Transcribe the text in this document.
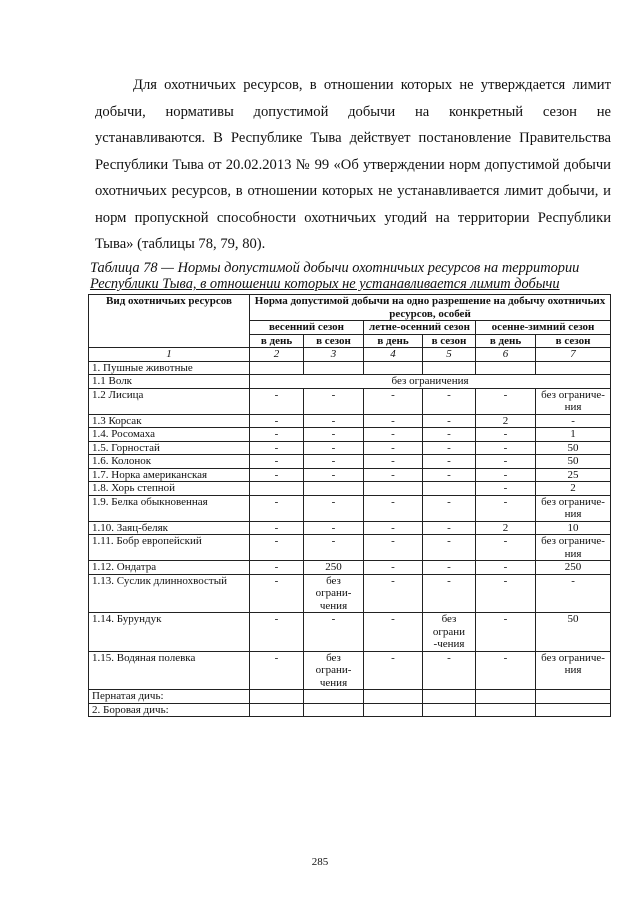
Для охотничьих ресурсов, в отношении которых не утверждается лимит добычи, нормативы допустимой добычи на конкретный сезон не устанавливаются. В Республике Тыва действует постановление Правительства Республики Тыва от 20.02.2013 № 99 «Об утверждении норм допустимой добычи охотничьих ресурсов, в отношении которых не устанавливается лимит добычи, и норм пропускной способности охотничьих угодий на территории Республики Тыва» (таблицы 78, 79, 80).

Таблица 78 — Нормы допустимой добычи охотничьих ресурсов на территории
Республики Тыва, в отношении которых не устанавливается лимит добычи
Вид охотничьих ресурсов	Норма допустимой добычи на одно разрешение на добычу охотничьих ресурсов, особей					
	весенний сезон		летне-осенний сезон		осенне-зимний сезон	
	в день	в сезон	в день	в сезон	в день	в сезон
1	2	3	4	5	6	7
1. Пушные животные						
1.1 Волк	без ограничения					
1.2 Лисица	-	-	-	-	-	без ограниче-ния
1.3 Корсак	-	-	-	-	2	-
1.4. Росомаха	-	-	-	-	-	1
1.5. Горностай	-	-	-	-	-	50
1.6. Колонок	-	-	-	-	-	50
1.7. Норка американская	-	-	-	-	-	25
1.8. Хорь степной					-	2
1.9. Белка обыкновенная	-	-	-	-	-	без ограниче-ния
1.10. Заяц-беляк	-	-	-	-	2	10
1.11. Бобр европейский	-	-	-	-	-	без ограниче-ния
1.12. Ондатра	-	250	-	-	-	250
1.13. Суслик длиннохвостый	-	без ограни-чения	-	-	-	-
1.14. Бурундук	-	-	-	без ограни -чения	-	50
1.15. Водяная полевка	-	без ограни-чения	-	-	-	без ограниче-ния
Пернатая дичь:						
2. Боровая дичь:						
285
